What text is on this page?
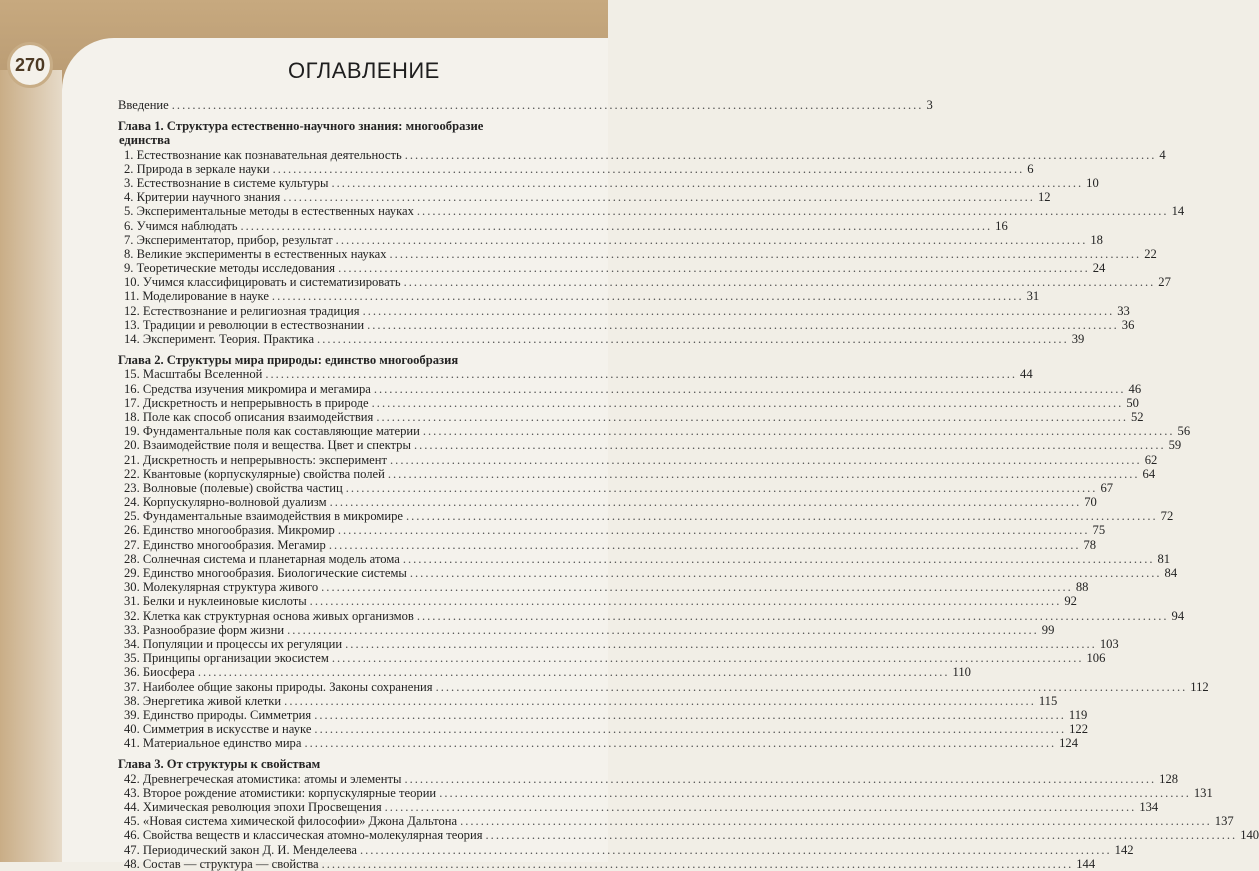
270	ОГЛАВЛЕНИЕ
Введение .................................................................................................................................................. 3
Глава 1. Структура естественно-научного знания: многообразие
единства
1. Естествознание как познавательная деятельность .................................................................................................................................................. 4
2. Природа в зеркале науки .................................................................................................................................................. 6
3. Естествознание в системе культуры .................................................................................................................................................. 10
4. Критерии научного знания .................................................................................................................................................. 12
5. Экспериментальные методы в естественных науках .................................................................................................................................................. 14
6. Учимся наблюдать .................................................................................................................................................. 16
7. Экспериментатор, прибор, результат .................................................................................................................................................. 18
8. Великие эксперименты в естественных науках .................................................................................................................................................. 22
9. Теоретические методы исследования .................................................................................................................................................. 24
10. Учимся классифицировать и систематизировать .................................................................................................................................................. 27
11. Моделирование в науке .................................................................................................................................................. 31
12. Естествознание и религиозная традиция .................................................................................................................................................. 33
13. Традиции и революции в естествознании .................................................................................................................................................. 36
14. Эксперимент. Теория. Практика .................................................................................................................................................. 39
Глава 2. Структуры мира природы: единство многообразия
15. Масштабы Вселенной .................................................................................................................................................. 44
16. Средства изучения микромира и мегамира .................................................................................................................................................. 46
17. Дискретность и непрерывность в природе .................................................................................................................................................. 50
18. Поле как способ описания взаимодействия .................................................................................................................................................. 52
19. Фундаментальные поля как составляющие материи .................................................................................................................................................. 56
20. Взаимодействие поля и вещества. Цвет и спектры .................................................................................................................................................. 59
21. Дискретность и непрерывность: эксперимент .................................................................................................................................................. 62
22. Квантовые (корпускулярные) свойства полей .................................................................................................................................................. 64
23. Волновые (полевые) свойства частиц .................................................................................................................................................. 67
24. Корпускулярно-волновой дуализм .................................................................................................................................................. 70
25. Фундаментальные взаимодействия в микромире .................................................................................................................................................. 72
26. Единство многообразия. Микромир .................................................................................................................................................. 75
27. Единство многообразия. Мегамир .................................................................................................................................................. 78
28. Солнечная система и планетарная модель атома .................................................................................................................................................. 81
29. Единство многообразия. Биологические системы .................................................................................................................................................. 84
30. Молекулярная структура живого .................................................................................................................................................. 88
31. Белки и нуклеиновые кислоты .................................................................................................................................................. 92
32. Клетка как структурная основа живых организмов .................................................................................................................................................. 94
33. Разнообразие форм жизни .................................................................................................................................................. 99
34. Популяции и процессы их регуляции .................................................................................................................................................. 103
35. Принципы организации экосистем .................................................................................................................................................. 106
36. Биосфера .................................................................................................................................................. 110
37. Наиболее общие законы природы. Законы сохранения .................................................................................................................................................. 112
38. Энергетика живой клетки .................................................................................................................................................. 115
39. Единство природы. Симметрия .................................................................................................................................................. 119
40. Симметрия в искусстве и науке .................................................................................................................................................. 122
41. Материальное единство мира .................................................................................................................................................. 124
Глава 3. От структуры к свойствам
42. Древнегреческая атомистика: атомы и элементы .................................................................................................................................................. 128
43. Второе рождение атомистики: корпускулярные теории .................................................................................................................................................. 131
44. Химическая революция эпохи Просвещения .................................................................................................................................................. 134
45. «Новая система химической философии» Джона Дальтона .................................................................................................................................................. 137
46. Свойства веществ и классическая атомно-молекулярная теория .................................................................................................................................................. 140
47. Периодический закон Д. И. Менделеева .................................................................................................................................................. 142
48. Состав — структура — свойства .................................................................................................................................................. 144
